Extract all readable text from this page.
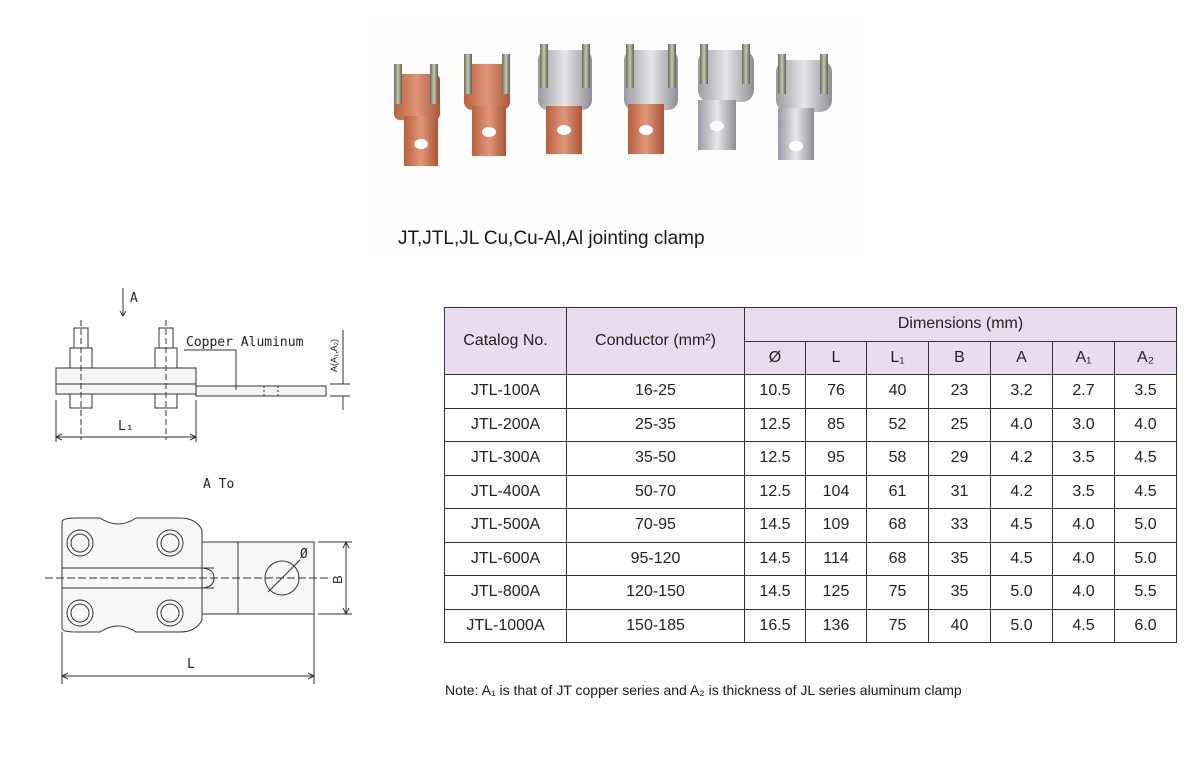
JT,JTL,JL Cu,Cu-Al,Al jointing clamp
A
Copper Aluminum
L₁
A To
Ø
L
A(A₁,A₂)
B
Catalog No.	Conductor (mm²)	Dimensions (mm)						
		Ø	L	L₁	B	A	A₁	A₂
JTL-100A	16-25	10.5	76	40	23	3.2	2.7	3.5
JTL-200A	25-35	12.5	85	52	25	4.0	3.0	4.0
JTL-300A	35-50	12.5	95	58	29	4.2	3.5	4.5
JTL-400A	50-70	12.5	104	61	31	4.2	3.5	4.5
JTL-500A	70-95	14.5	109	68	33	4.5	4.0	5.0
JTL-600A	95-120	14.5	114	68	35	4.5	4.0	5.0
JTL-800A	120-150	14.5	125	75	35	5.0	4.0	5.5
JTL-1000A	150-185	16.5	136	75	40	5.0	4.5	6.0
Note: A₁ is that of JT copper series and A₂ is thickness of JL series aluminum clamp
